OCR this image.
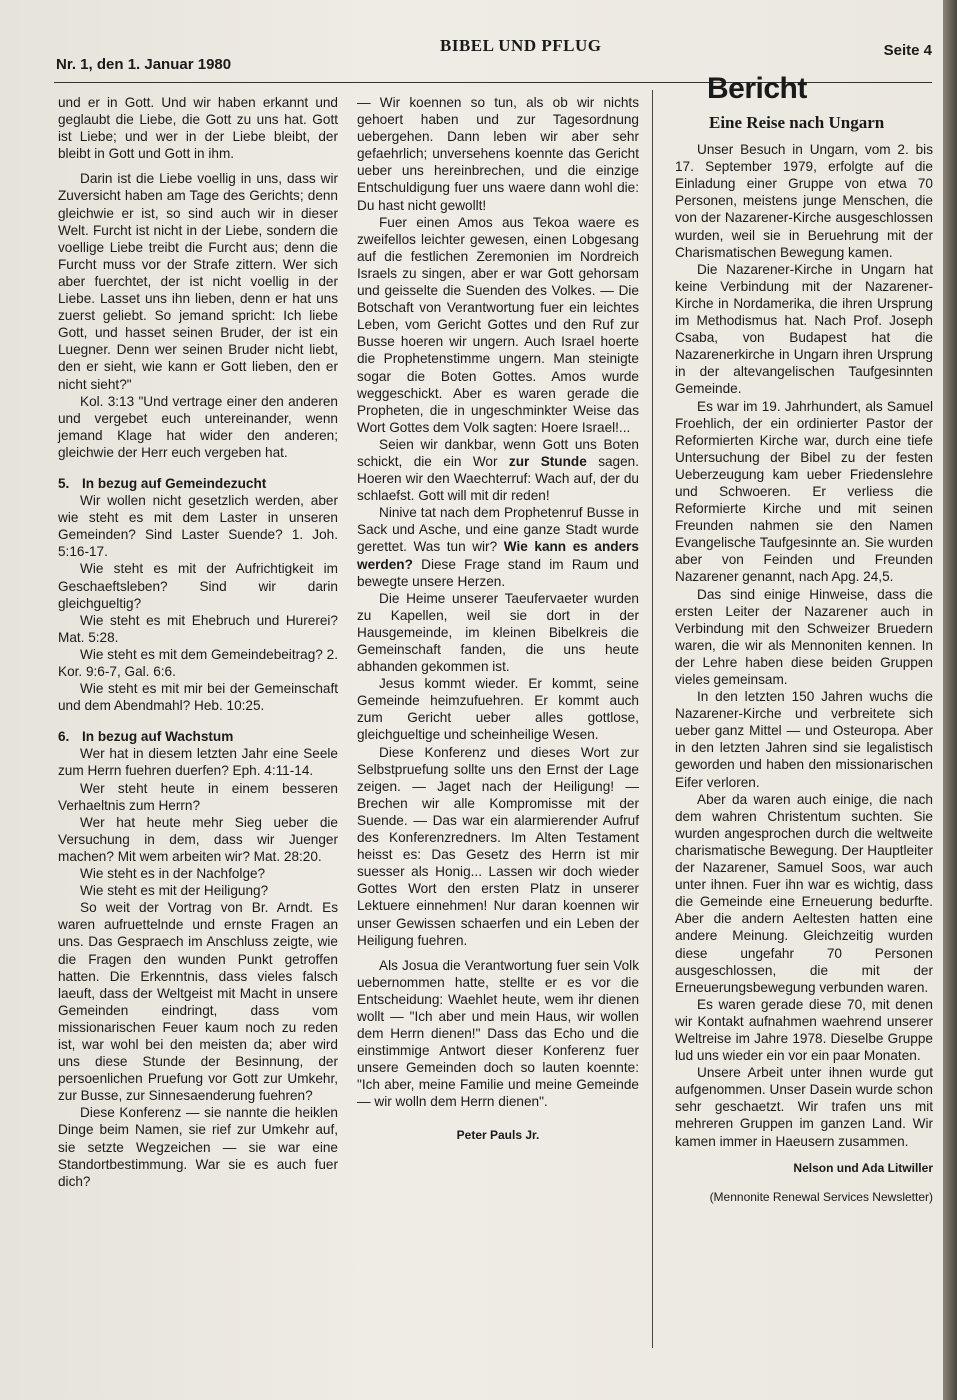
Nr. 1, den 1. Januar 1980
BIBEL UND PFLUG	Seite 4

und er in Gott. Und wir haben erkannt und geglaubt die Liebe, die Gott zu uns hat. Gott ist Liebe; und wer in der Liebe bleibt, der bleibt in Gott und Gott in ihm.

Darin ist die Liebe voellig in uns, dass wir Zuversicht haben am Tage des Gerichts; denn gleichwie er ist, so sind auch wir in dieser Welt. Furcht ist nicht in der Liebe, sondern die voellige Liebe treibt die Furcht aus; denn die Furcht muss vor der Strafe zittern. Wer sich aber fuerchtet, der ist nicht voellig in der Liebe. Lasset uns ihn lieben, denn er hat uns zuerst geliebt. So jemand spricht: Ich liebe Gott, und hasset seinen Bruder, der ist ein Luegner. Denn wer seinen Bruder nicht liebt, den er sieht, wie kann er Gott lieben, den er nicht sieht?"

Kol. 3:13 "Und vertrage einer den anderen und vergebet euch untereinander, wenn jemand Klage hat wider den anderen; gleichwie der Herr euch vergeben hat.

5. In bezug auf Gemeindezucht

Wir wollen nicht gesetzlich werden, aber wie steht es mit dem Laster in unseren Gemeinden? Sind Laster Suende? 1. Joh. 5:16-17.

Wie steht es mit der Aufrichtigkeit im Geschaeftsleben? Sind wir darin gleichgueltig?

Wie steht es mit Ehebruch und Hurerei? Mat. 5:28.

Wie steht es mit dem Gemeindebeitrag? 2. Kor. 9:6-7, Gal. 6:6.

Wie steht es mit mir bei der Gemeinschaft und dem Abendmahl? Heb. 10:25.

6. In bezug auf Wachstum

Wer hat in diesem letzten Jahr eine Seele zum Herrn fuehren duerfen? Eph. 4:11-14.

Wer steht heute in einem besseren Verhaeltnis zum Herrn?

Wer hat heute mehr Sieg ueber die Versuchung in dem, dass wir Juenger machen? Mit wem arbeiten wir? Mat. 28:20.

Wie steht es in der Nachfolge?

Wie steht es mit der Heiligung?

So weit der Vortrag von Br. Arndt. Es waren aufruettelnde und ernste Fragen an uns. Das Gespraech im Anschluss zeigte, wie die Fragen den wunden Punkt getroffen hatten. Die Erkenntnis, dass vieles falsch laeuft, dass der Weltgeist mit Macht in unsere Gemeinden eindringt, dass vom missionarischen Feuer kaum noch zu reden ist, war wohl bei den meisten da; aber wird uns diese Stunde der Besinnung, der persoenlichen Pruefung vor Gott zur Umkehr, zur Busse, zur Sinnesaenderung fuehren?

Diese Konferenz — sie nannte die heiklen Dinge beim Namen, sie rief zur Umkehr auf, sie setzte Wegzeichen — sie war eine Standortbestimmung. War sie es auch fuer dich?

— Wir koennen so tun, als ob wir nichts gehoert haben und zur Tagesordnung uebergehen. Dann leben wir aber sehr gefaehrlich; unversehens koennte das Gericht ueber uns hereinbrechen, und die einzige Entschuldigung fuer uns waere dann wohl die: Du hast nicht gewollt!

Fuer einen Amos aus Tekoa waere es zweifellos leichter gewesen, einen Lobgesang auf die festlichen Zeremonien im Nordreich Israels zu singen, aber er war Gott gehorsam und geisselte die Suenden des Volkes. — Die Botschaft von Verantwortung fuer ein leichtes Leben, vom Gericht Gottes und den Ruf zur Busse hoeren wir ungern. Auch Israel hoerte die Prophetenstimme ungern. Man steinigte sogar die Boten Gottes. Amos wurde weggeschickt. Aber es waren gerade die Propheten, die in ungeschminkter Weise das Wort Gottes dem Volk sagten: Hoere Israel!...

Seien wir dankbar, wenn Gott uns Boten schickt, die ein Wor zur Stunde sagen. Hoeren wir den Waechterruf: Wach auf, der du schlaefst. Gott will mit dir reden!

Ninive tat nach dem Prophetenruf Busse in Sack und Asche, und eine ganze Stadt wurde gerettet. Was tun wir? Wie kann es anders werden? Diese Frage stand im Raum und bewegte unsere Herzen.

Die Heime unserer Taeufervaeter wurden zu Kapellen, weil sie dort in der Hausgemeinde, im kleinen Bibelkreis die Gemeinschaft fanden, die uns heute abhanden gekommen ist.

Jesus kommt wieder. Er kommt, seine Gemeinde heimzufuehren. Er kommt auch zum Gericht ueber alles gottlose, gleichgueltige und scheinheilige Wesen.

Diese Konferenz und dieses Wort zur Selbstpruefung sollte uns den Ernst der Lage zeigen. — Jaget nach der Heiligung! — Brechen wir alle Kompromisse mit der Suende. — Das war ein alarmierender Aufruf des Konferenzredners. Im Alten Testament heisst es: Das Gesetz des Herrn ist mir suesser als Honig... Lassen wir doch wieder Gottes Wort den ersten Platz in unserer Lektuere einnehmen! Nur daran koennen wir unser Gewissen schaerfen und ein Leben der Heiligung fuehren.

Als Josua die Verantwortung fuer sein Volk uebernommen hatte, stellte er es vor die Entscheidung: Waehlet heute, wem ihr dienen wollt — "Ich aber und mein Haus, wir wollen dem Herrn dienen!" Dass das Echo und die einstimmige Antwort dieser Konferenz fuer unsere Gemeinden doch so lauten koennte: "Ich aber, meine Familie und meine Gemeinde — wir wolln dem Herrn dienen".

Peter Pauls Jr.

Bericht
Eine Reise nach Ungarn

Unser Besuch in Ungarn, vom 2. bis 17. September 1979, erfolgte auf die Einladung einer Gruppe von etwa 70 Personen, meistens junge Menschen, die von der Nazarener-Kirche ausgeschlossen wurden, weil sie in Beruehrung mit der Charismatischen Bewegung kamen.

Die Nazarener-Kirche in Ungarn hat keine Verbindung mit der Nazarener-Kirche in Nordamerika, die ihren Ursprung im Methodismus hat. Nach Prof. Joseph Csaba, von Budapest hat die Nazarenerkirche in Ungarn ihren Ursprung in der altevangelischen Taufgesinnten Gemeinde.

Es war im 19. Jahrhundert, als Samuel Froehlich, der ein ordinierter Pastor der Reformierten Kirche war, durch eine tiefe Untersuchung der Bibel zu der festen Ueberzeugung kam ueber Friedenslehre und Schwoeren. Er verliess die Reformierte Kirche und mit seinen Freunden nahmen sie den Namen Evangelische Taufgesinnte an. Sie wurden aber von Feinden und Freunden Nazarener genannt, nach Apg. 24,5.

Das sind einige Hinweise, dass die ersten Leiter der Nazarener auch in Verbindung mit den Schweizer Bruedern waren, die wir als Mennoniten kennen. In der Lehre haben diese beiden Gruppen vieles gemeinsam.

In den letzten 150 Jahren wuchs die Nazarener-Kirche und verbreitete sich ueber ganz Mittel — und Osteuropa. Aber in den letzten Jahren sind sie legalistisch geworden und haben den missionarischen Eifer verloren.

Aber da waren auch einige, die nach dem wahren Christentum suchten. Sie wurden angesprochen durch die weltweite charismatische Bewegung. Der Hauptleiter der Nazarener, Samuel Soos, war auch unter ihnen. Fuer ihn war es wichtig, dass die Gemeinde eine Erneuerung bedurfte. Aber die andern Aeltesten hatten eine andere Meinung. Gleichzeitig wurden diese ungefahr 70 Personen ausgeschlossen, die mit der Erneuerungsbewegung verbunden waren.

Es waren gerade diese 70, mit denen wir Kontakt aufnahmen waehrend unserer Weltreise im Jahre 1978. Dieselbe Gruppe lud uns wieder ein vor ein paar Monaten.

Unsere Arbeit unter ihnen wurde gut aufgenommen. Unser Dasein wurde schon sehr geschaetzt. Wir trafen uns mit mehreren Gruppen im ganzen Land. Wir kamen immer in Haeusern zusammen.

Nelson und Ada Litwiller

(Mennonite Renewal Services Newsletter)
